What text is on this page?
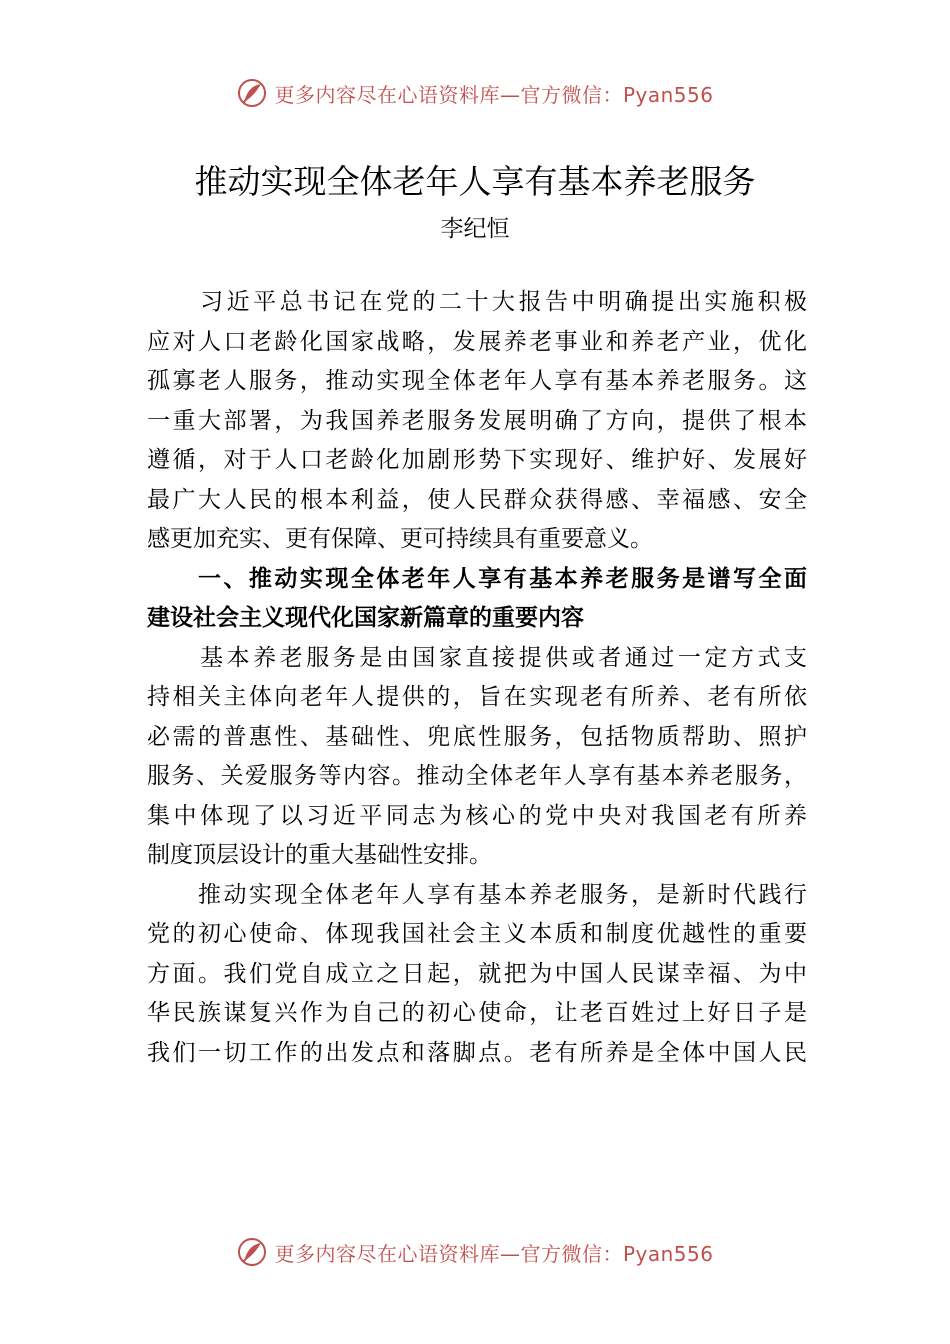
更多内容尽在心语资料库—官方微信：Pyan556
推动实现全体老年人享有基本养老服务
李纪恒
　　习近平总书记在党的二十大报告中明确提出实施积极
应对人口老龄化国家战略，发展养老事业和养老产业，优化
孤寡老人服务，推动实现全体老年人享有基本养老服务。这
一重大部署，为我国养老服务发展明确了方向，提供了根本
遵循，对于人口老龄化加剧形势下实现好、维护好、发展好
最广大人民的根本利益，使人民群众获得感、幸福感、安全
感更加充实、更有保障、更可持续具有重要意义。
　　一、推动实现全体老年人享有基本养老服务是谱写全面
建设社会主义现代化国家新篇章的重要内容
　　基本养老服务是由国家直接提供或者通过一定方式支
持相关主体向老年人提供的，旨在实现老有所养、老有所依
必需的普惠性、基础性、兜底性服务，包括物质帮助、照护
服务、关爱服务等内容。推动全体老年人享有基本养老服务，
集中体现了以习近平同志为核心的党中央对我国老有所养
制度顶层设计的重大基础性安排。
　　推动实现全体老年人享有基本养老服务，是新时代践行
党的初心使命、体现我国社会主义本质和制度优越性的重要
方面。我们党自成立之日起，就把为中国人民谋幸福、为中
华民族谋复兴作为自己的初心使命，让老百姓过上好日子是
我们一切工作的出发点和落脚点。老有所养是全体中国人民
更多内容尽在心语资料库—官方微信：Pyan556
